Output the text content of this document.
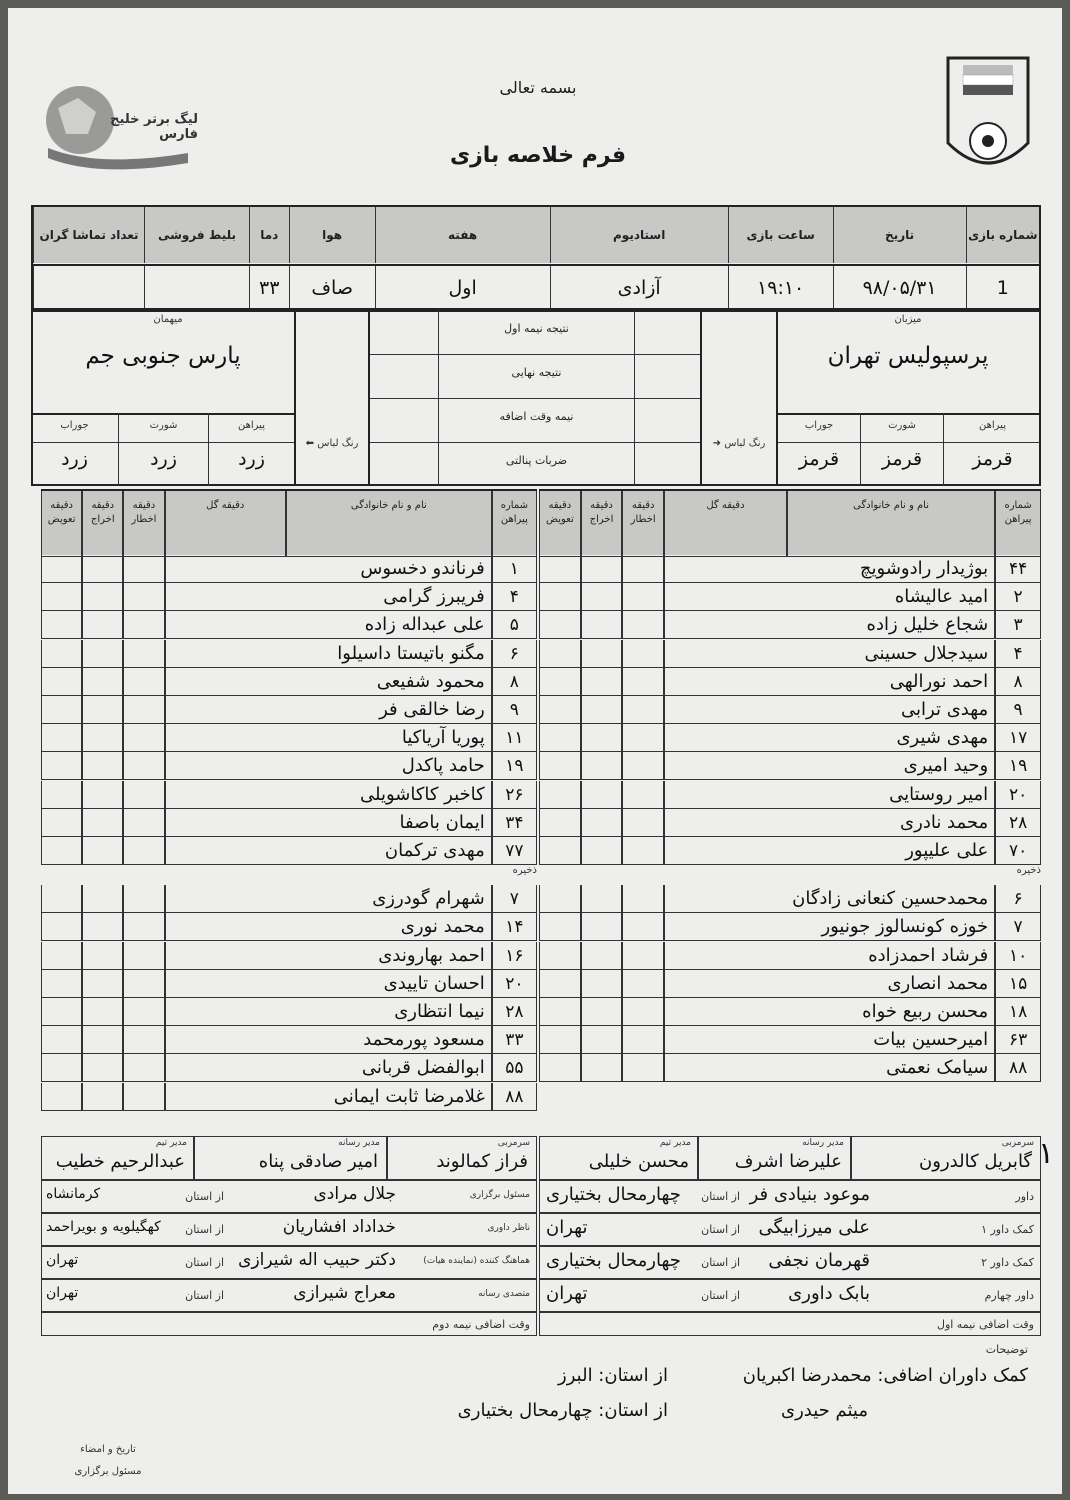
لیگ برتر خلیج فارس
بسمه تعالی
فرم خلاصه بازی
شماره بازی
1
تاریخ
۹۸/۰۵/۳۱
ساعت بازی
۱۹:۱۰
استادیوم
آزادی
هفته
اول
هوا
صاف
دما
۳۳
بلیط فروشی
تعداد تماشا گران
میزبان
پرسپولیس تهران
پیراهن
شورت
جوراب
قرمز
قرمز
قرمز
➜ رنگ لباس
میهمان
پارس جنوبی جم
پیراهن
شورت
جوراب
زرد
زرد
زرد
⬅ رنگ لباس
توضیحات
کمک داوران اضافی: محمدرضا اکبریان
از استان: البرز
میثم حیدری
از استان: چهارمحال بختیاری
تاریخ و امضاء
مسئول برگزاری
نتیجه نیمه اول
نتیجه نهایی
نیمه وقت اضافه
ضربات پنالتی
شماره پیراهن
نام و نام خانوادگی
دقیقه گل
دقیقه اخطار
دقیقه اخراج
دقیقه تعویض
۴۴
بوژیدار رادوشویچ
۲
امید عالیشاه
۳
شجاع خلیل زاده
۴
سیدجلال حسینی
۸
احمد نورالهی
۹
مهدی ترابی
۱۷
مهدی شیری
۱۹
وحید امیری
۲۰
امیر روستایی
۲۸
محمد نادری
۷۰
علی علیپور
ذخیره
۶
محمدحسین کنعانی زادگان
۷
خوزه کونسالوز جونیور
۱۰
فرشاد احمدزاده
۱۵
محمد انصاری
۱۸
محسن ربیع خواه
۶۳
امیرحسین بیات
۸۸
سیامک نعمتی
شماره پیراهن
نام و نام خانوادگی
دقیقه گل
دقیقه اخطار
دقیقه اخراج
دقیقه تعویض
۱
فرناندو دخسوس
۴
فریبرز گرامی
۵
علی عبداله زاده
۶
مگنو باتیستا داسیلوا
۸
محمود شفیعی
۹
رضا خالقی فر
۱۱
پوریا آریاکیا
۱۹
حامد پاکدل
۲۶
کاخبر کاکاشویلی
۳۴
ایمان باصفا
۷۷
مهدی ترکمان
ذخیره
۷
شهرام گودرزی
۱۴
محمد نوری
۱۶
احمد بهاروندی
۲۰
احسان تاییدی
۲۸
نیما انتظاری
۳۳
مسعود پورمحمد
۵۵
ابوالفضل قربانی
۸۸
غلامرضا ثابت ایمانی
سرمربی
گابریل کالدرون
مدیر رسانه
علیرضا اشرف
مدیر تیم
محسن خلیلی
سرمربی
فراز کمالوند
مدیر رسانه
امیر صادقی پناه
مدیر تیم
عبدالرحیم خطیب	۱
داور
موعود بنیادی فر
از استان
چهارمحال بختیاری
کمک داور ۱
علی میرزابیگی
از استان
تهران
کمک داور ۲
قهرمان نجفی
از استان
چهارمحال بختیاری
داور چهارم
بابک داوری
از استان
تهران
مسئول برگزاری
جلال مرادی
از استان
کرمانشاه
ناظر داوری
خداداد افشاریان
از استان
کهگیلویه و بویراحمد
هماهنگ کننده (نماینده هیات)
دکتر حبیب اله شیرازی
از استان
تهران
متصدی رسانه
معراج شیرازی
از استان
تهران
وقت اضافی نیمه اول
وقت اضافی نیمه دوم
